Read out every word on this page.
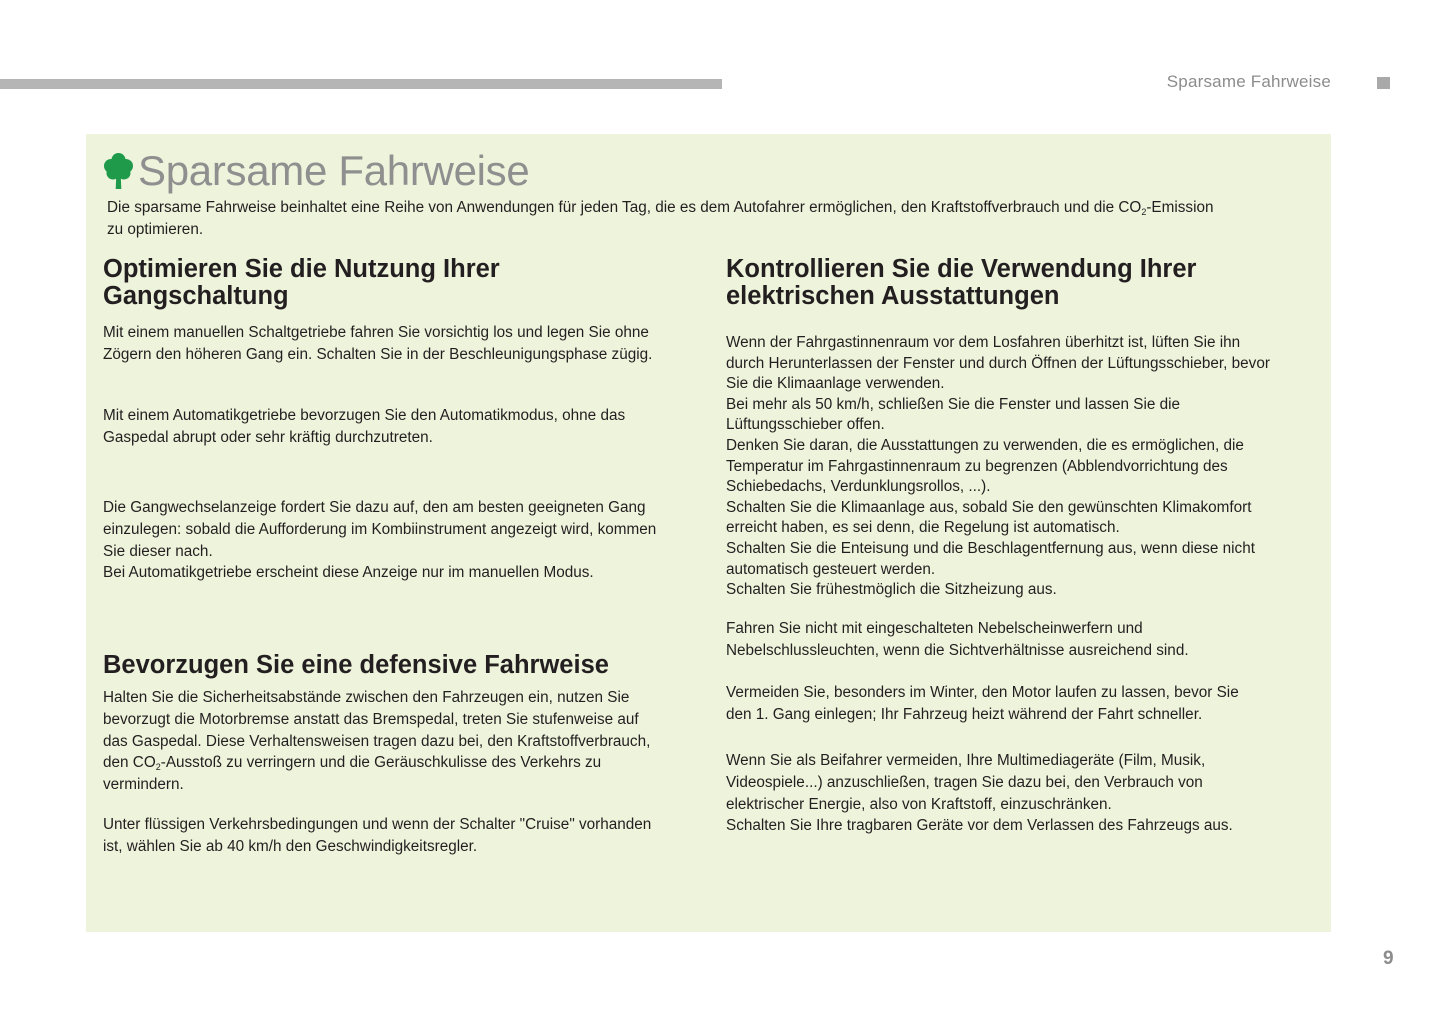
Sparsame Fahrweise
Sparsame Fahrweise
Die sparsame Fahrweise beinhaltet eine Reihe von Anwendungen für jeden Tag, die es dem Autofahrer ermöglichen, den Kraftstoffverbrauch und die $CO_2$-Emission
zu optimieren.
Optimieren Sie die Nutzung Ihrer
Gangschaltung

Mit einem manuellen Schaltgetriebe fahren Sie vorsichtig los und legen Sie ohne
Zögern den höheren Gang ein. Schalten Sie in der Beschleunigungsphase zügig.

Mit einem Automatikgetriebe bevorzugen Sie den Automatikmodus, ohne das
Gaspedal abrupt oder sehr kräftig durchzutreten.

Die Gangwechselanzeige fordert Sie dazu auf, den am besten geeigneten Gang
einzulegen: sobald die Aufforderung im Kombiinstrument angezeigt wird, kommen
Sie dieser nach.
Bei Automatikgetriebe erscheint diese Anzeige nur im manuellen Modus.

Bevorzugen Sie eine defensive Fahrweise

Halten Sie die Sicherheitsabstände zwischen den Fahrzeugen ein, nutzen Sie
bevorzugt die Motorbremse anstatt das Bremspedal, treten Sie stufenweise auf
das Gaspedal. Diese Verhaltensweisen tragen dazu bei, den Kraftstoffverbrauch,
den $CO_2$-Ausstoß zu verringern und die Geräuschkulisse des Verkehrs zu
vermindern.

Unter flüssigen Verkehrsbedingungen und wenn der Schalter "Cruise" vorhanden
ist, wählen Sie ab 40 km/h den Geschwindigkeitsregler.

Kontrollieren Sie die Verwendung Ihrer
elektrischen Ausstattungen

Wenn der Fahrgastinnenraum vor dem Losfahren überhitzt ist, lüften Sie ihn
durch Herunterlassen der Fenster und durch Öffnen der Lüftungsschieber, bevor
Sie die Klimaanlage verwenden.
Bei mehr als 50 km/h, schließen Sie die Fenster und lassen Sie die
Lüftungsschieber offen.
Denken Sie daran, die Ausstattungen zu verwenden, die es ermöglichen, die
Temperatur im Fahrgastinnenraum zu begrenzen (Abblendvorrichtung des
Schiebedachs, Verdunklungsrollos, ...).
Schalten Sie die Klimaanlage aus, sobald Sie den gewünschten Klimakomfort
erreicht haben, es sei denn, die Regelung ist automatisch.
Schalten Sie die Enteisung und die Beschlagentfernung aus, wenn diese nicht
automatisch gesteuert werden.
Schalten Sie frühestmöglich die Sitzheizung aus.

Fahren Sie nicht mit eingeschalteten Nebelscheinwerfern und
Nebelschlussleuchten, wenn die Sichtverhältnisse ausreichend sind.

Vermeiden Sie, besonders im Winter, den Motor laufen zu lassen, bevor Sie
den 1. Gang einlegen; Ihr Fahrzeug heizt während der Fahrt schneller.

Wenn Sie als Beifahrer vermeiden, Ihre Multimediageräte (Film, Musik,
Videospiele...) anzuschließen, tragen Sie dazu bei, den Verbrauch von
elektrischer Energie, also von Kraftstoff, einzuschränken.
Schalten Sie Ihre tragbaren Geräte vor dem Verlassen des Fahrzeugs aus.

9
